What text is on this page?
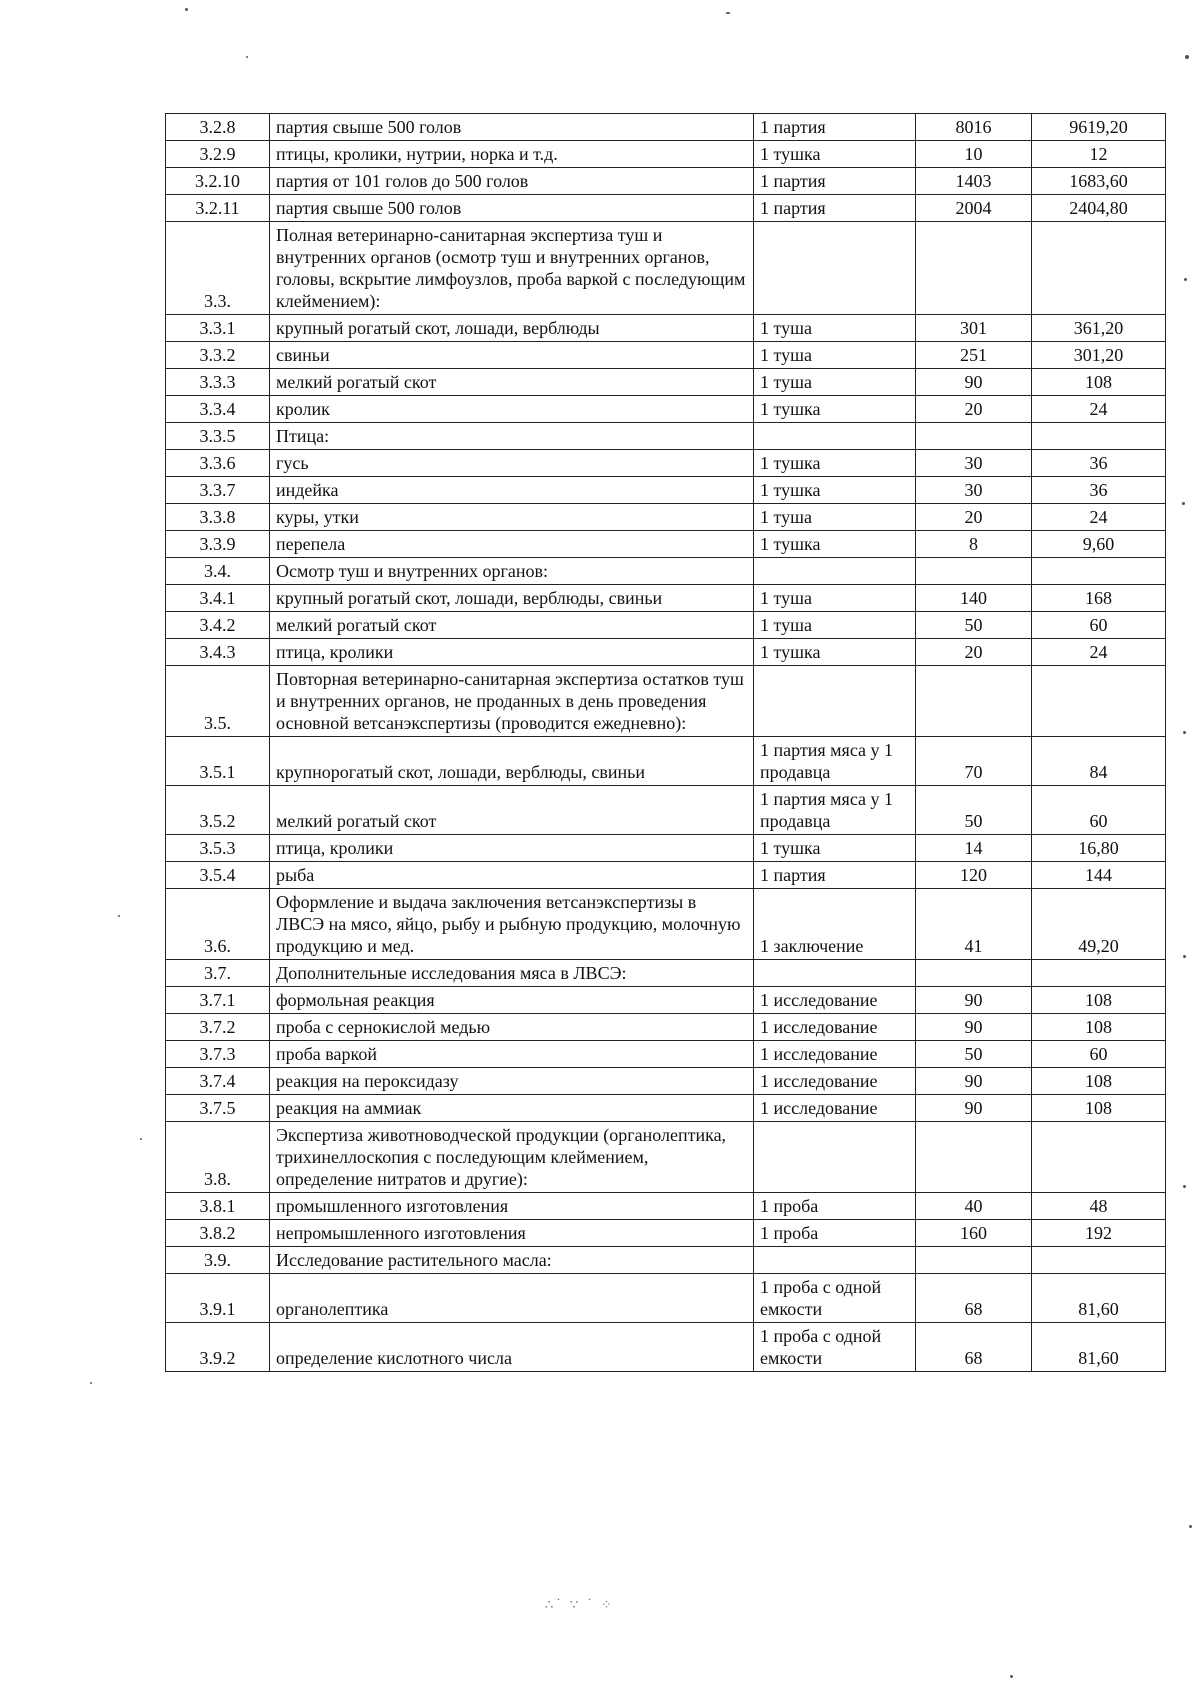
3.2.8	партия свыше 500 голов	1 партия	8016	9619,20
3.2.9	птицы, кролики, нутрии, норка и т.д.	1 тушка	10	12
3.2.10	партия от 101 голов до 500 голов	1 партия	1403	1683,60
3.2.11	партия свыше 500 голов	1 партия	2004	2404,80
3.3.	Полная ветеринарно-санитарная экспертиза туш и внутренних органов (осмотр туш и внутренних органов, головы, вскрытие лимфоузлов, проба варкой с последующим клеймением):			
3.3.1	крупный рогатый скот, лошади, верблюды	1 туша	301	361,20
3.3.2	свиньи	1 туша	251	301,20
3.3.3	мелкий рогатый скот	1 туша	90	108
3.3.4	кролик	1 тушка	20	24
3.3.5	Птица:			
3.3.6	гусь	1 тушка	30	36
3.3.7	индейка	1 тушка	30	36
3.3.8	куры, утки	1 туша	20	24
3.3.9	перепела	1 тушка	8	9,60
3.4.	Осмотр туш и внутренних органов:			
3.4.1	крупный рогатый скот, лошади, верблюды, свиньи	1 туша	140	168
3.4.2	мелкий рогатый скот	1 туша	50	60
3.4.3	птица, кролики	1 тушка	20	24
3.5.	Повторная ветеринарно-санитарная экспертиза остатков туш и внутренних органов, не проданных в день проведения основной ветсанэкспертизы (проводится ежедневно):			
3.5.1	крупнорогатый скот, лошади, верблюды, свиньи	1 партия мяса у 1 продавца	70	84
3.5.2	мелкий рогатый скот	1 партия мяса у 1 продавца	50	60
3.5.3	птица, кролики	1 тушка	14	16,80
3.5.4	рыба	1 партия	120	144
3.6.	Оформление и выдача заключения ветсанэкспертизы в ЛВСЭ на мясо, яйцо, рыбу и рыбную продукцию, молочную продукцию и мед.	1 заключение	41	49,20
3.7.	Дополнительные исследования мяса в ЛВСЭ:			
3.7.1	формольная реакция	1 исследование	90	108
3.7.2	проба с сернокислой медью	1 исследование	90	108
3.7.3	проба варкой	1 исследование	50	60
3.7.4	реакция на пероксидазу	1 исследование	90	108
3.7.5	реакция на аммиак	1 исследование	90	108
3.8.	Экспертиза животноводческой продукции (органолептика, трихинеллоскопия с последующим клеймением, определение нитратов и другие):			
3.8.1	промышленного изготовления	1 проба	40	48
3.8.2	непромышленного изготовления	1 проба	160	192
3.9.	Исследование растительного масла:			
3.9.1	органолептика	1 проба с одной емкости	68	81,60
3.9.2	определение кислотного числа	1 проба с одной емкости	68	81,60
∴˙ ∵ ˙ ⁘
